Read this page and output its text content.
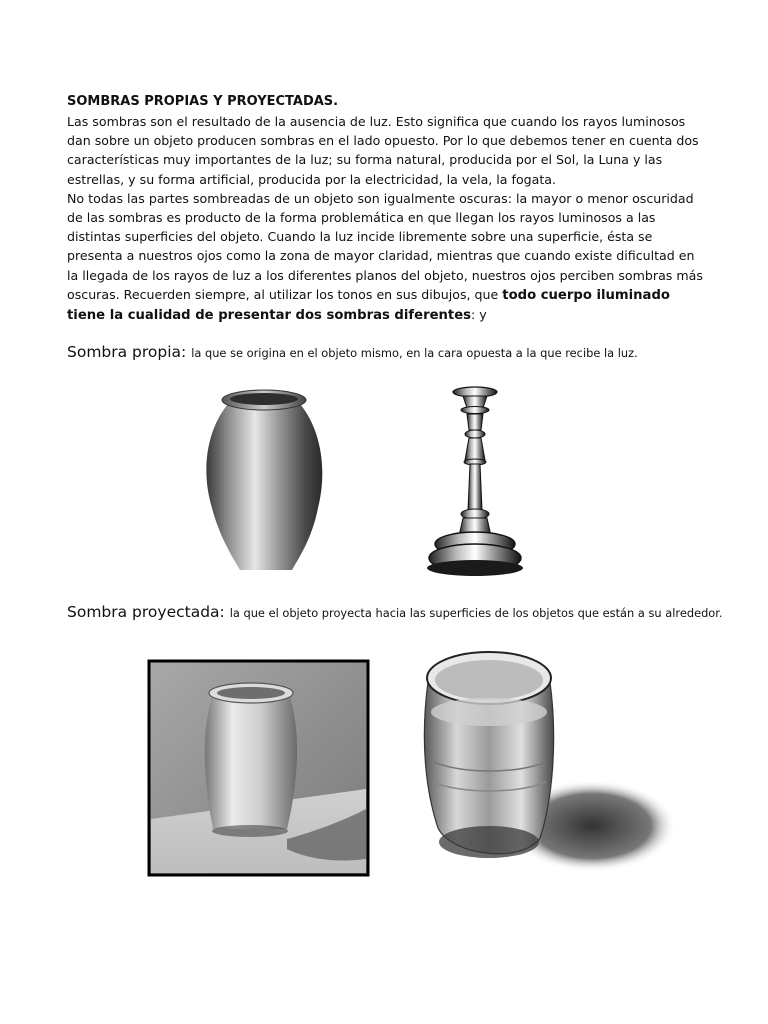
SOMBRAS PROPIAS Y PROYECTADAS.

Las sombras son el resultado de la ausencia de luz. Esto significa que cuando los rayos luminosos dan sobre un objeto producen sombras en el lado opuesto. Por lo que debemos tener en cuenta dos características muy importantes de la luz; su forma natural, producida por el Sol, la Luna y las estrellas, y su forma artificial, producida por la electricidad, la vela, la fogata.

No todas las partes sombreadas de un objeto son igualmente oscuras: la mayor o menor oscuridad de las sombras es producto de la forma problemática en que llegan los rayos luminosos a las distintas superficies del objeto. Cuando la luz incide libremente sobre una superficie, ésta se presenta a nuestros ojos como la zona de mayor claridad, mientras que cuando existe dificultad en la llegada de los rayos de luz a los diferentes planos del objeto, nuestros ojos perciben sombras más oscuras. Recuerden siempre, al utilizar los tonos en sus dibujos, que todo cuerpo iluminado tiene la cualidad de presentar dos sombras diferentes: y

Sombra propia: la que se origina en el objeto mismo, en la cara opuesta a la que recibe la luz.
Sombra proyectada: la que el objeto proyecta hacia las superficies de los objetos que están a su alrededor.
